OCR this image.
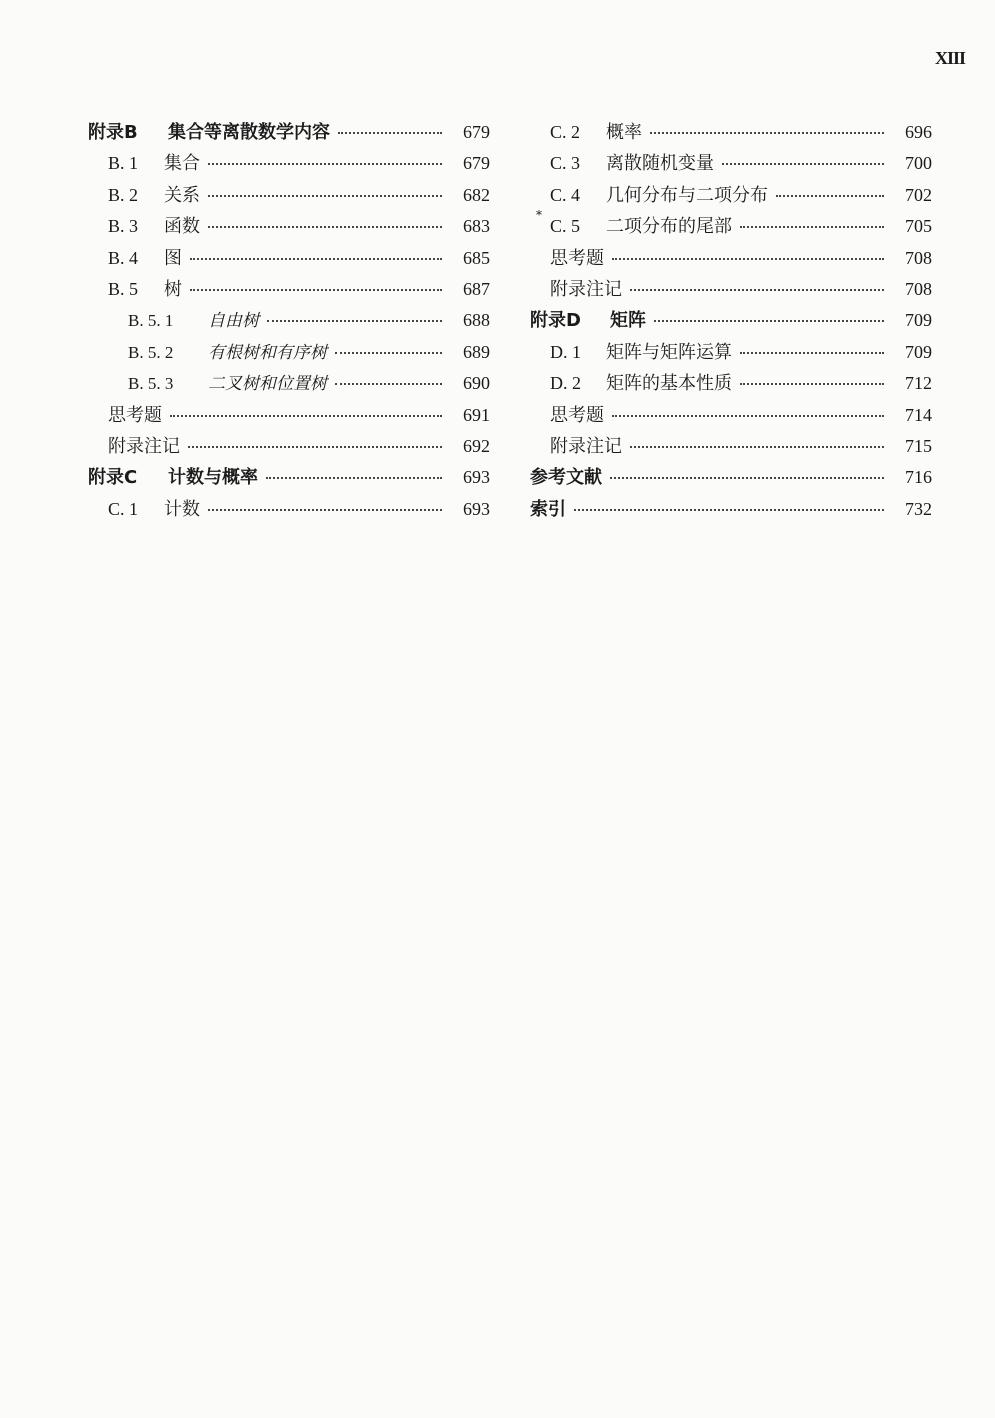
XIII
附录B	集合等离散数学内容	679
B. 1	集合	679
B. 2	关系	682
B. 3	函数	683
B. 4	图	685
B. 5	树	687
B. 5. 1	自由树	688
B. 5. 2	有根树和有序树	689
B. 5. 3	二叉树和位置树	690
思考题	691
附录注记	692
附录C	计数与概率	693
C. 1	计数	693
C. 2	概率	696
C. 3	离散随机变量	700
C. 4	几何分布与二项分布	702
*
C. 5	二项分布的尾部	705
思考题	708
附录注记	708
附录D	矩阵	709
D. 1	矩阵与矩阵运算	709
D. 2	矩阵的基本性质	712
思考题	714
附录注记	715
参考文献	716
索引	732
